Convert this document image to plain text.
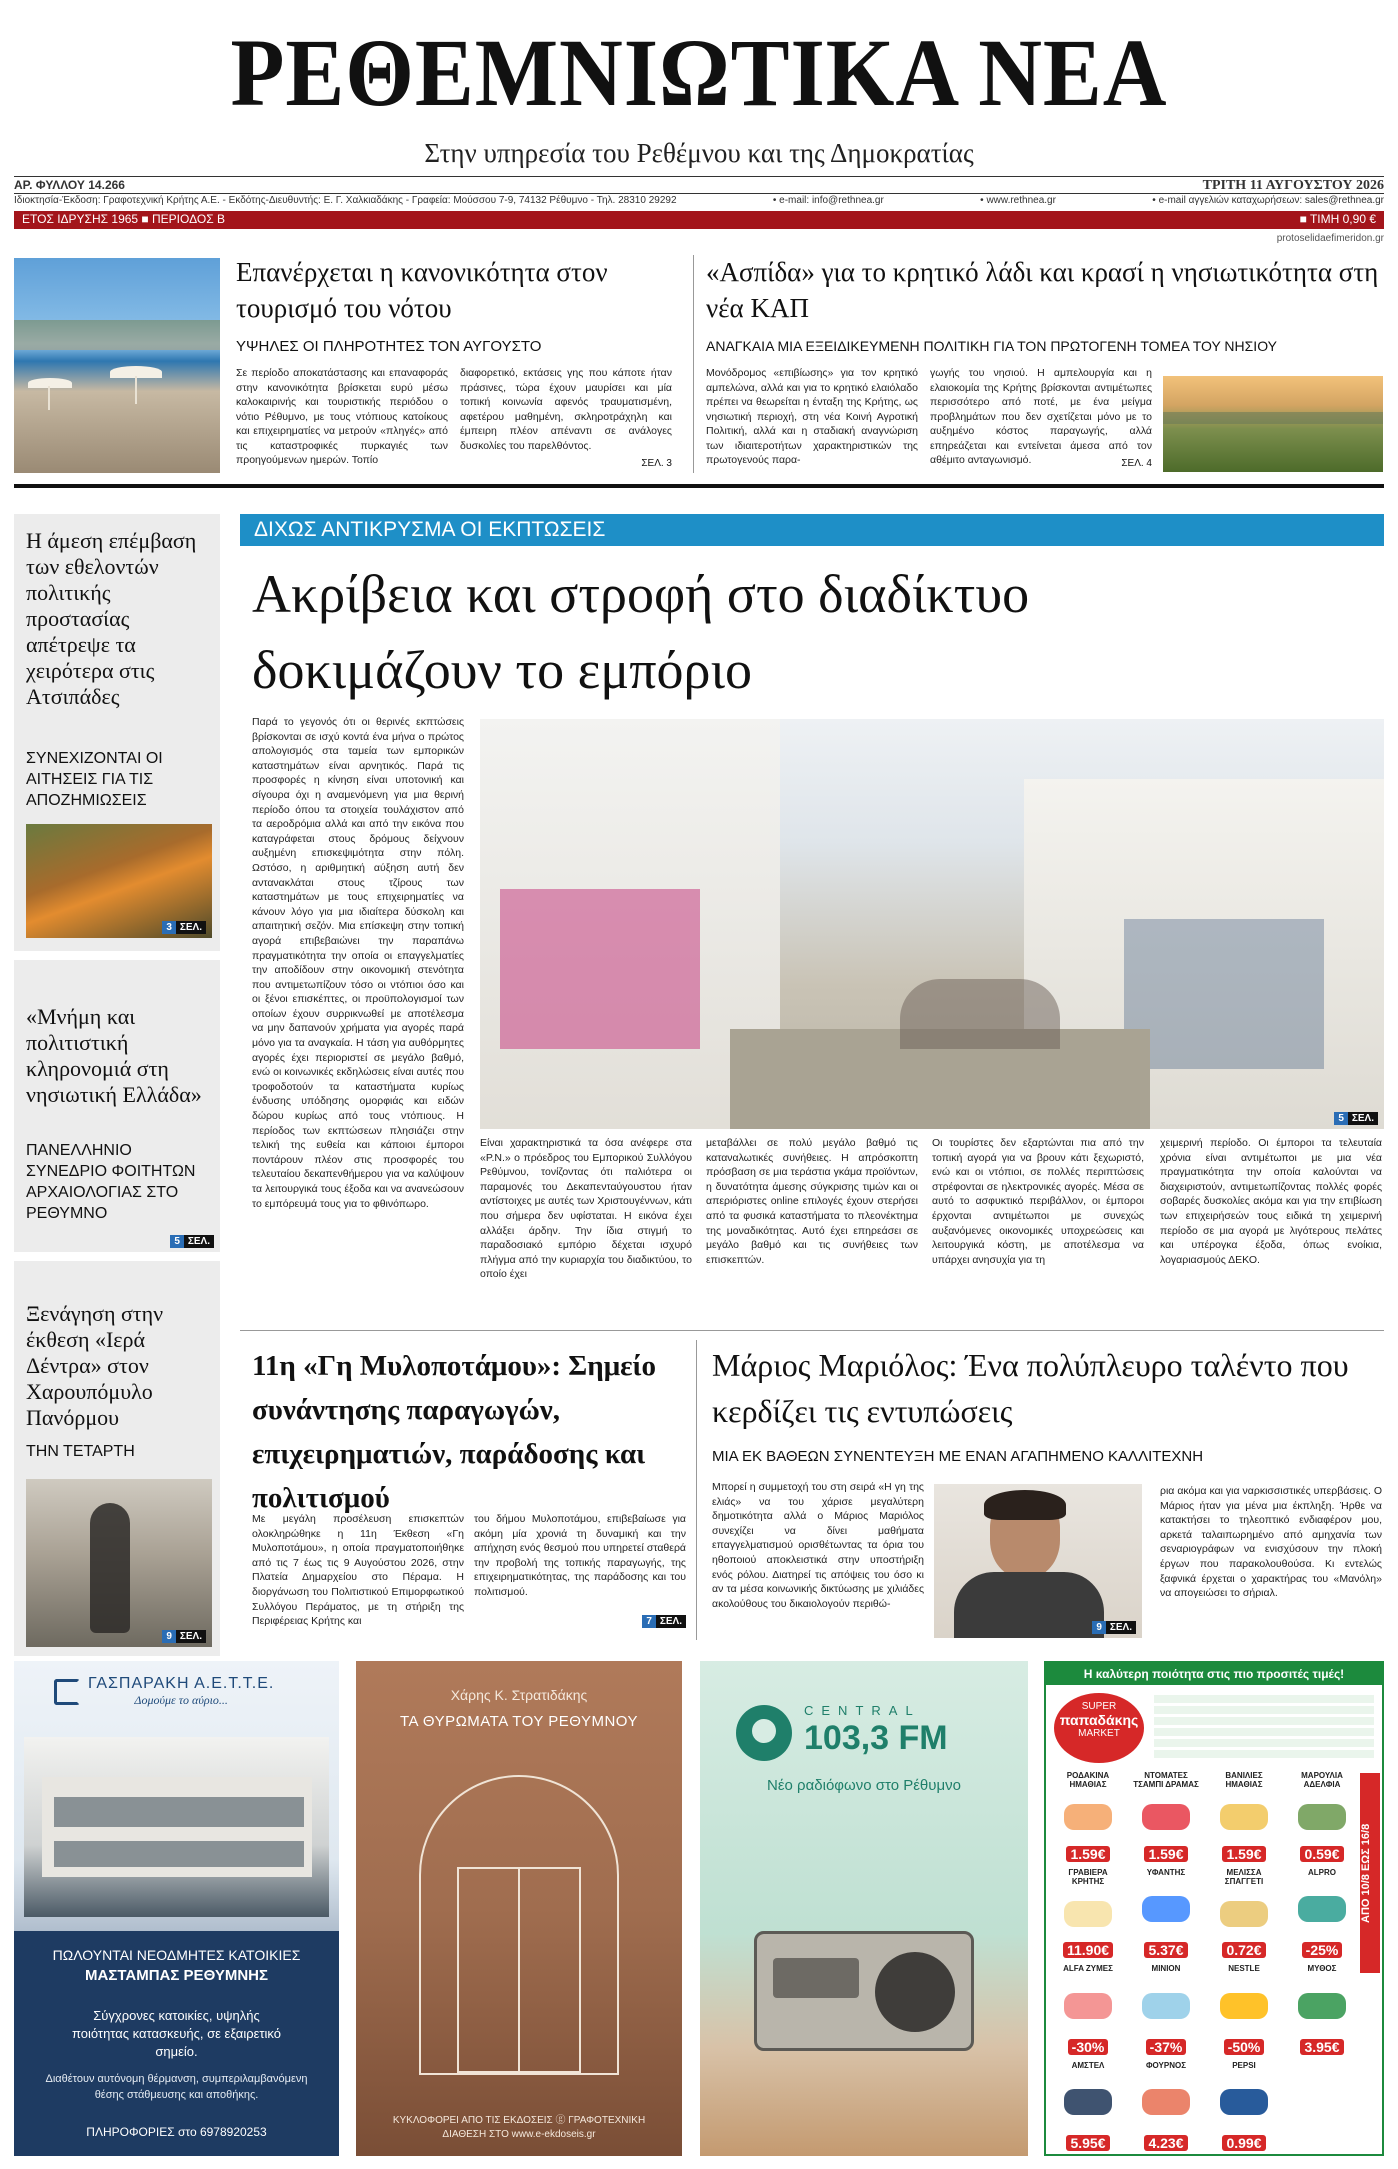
ΡΕΘΕΜΝΙΩΤΙΚΑ ΝΕΑ
Στην υπηρεσία του Ρεθέμνου και της Δημοκρατίας
ΑΡ. ΦΥΛΛΟΥ 14.266	ΤΡΙΤΗ 11 ΑΥΓΟΥΣΤΟΥ 2026
Ιδιοκτησία-Έκδοση: Γραφοτεχνική Κρήτης Α.Ε. - Εκδότης-Διευθυντής: Ε. Γ. Χαλκιαδάκης - Γραφεία: Μούσσου 7-9, 74132 Ρέθυμνο - Τηλ. 28310 29292	• e-mail: info@rethnea.gr	• www.rethnea.gr	• e-mail αγγελιών καταχωρήσεων: sales@rethnea.gr
ΕΤΟΣ ΙΔΡΥΣΗΣ 1965 ■ ΠΕΡΙΟΔΟΣ Β	■ ΤΙΜΗ 0,90 €
protoselidaefimeridon.gr
Επανέρχεται η κανονικότητα στον τουρισμό του νότου
ΥΨΗΛΕΣ ΟΙ ΠΛΗΡΟΤΗΤΕΣ ΤΟΝ ΑΥΓΟΥΣΤΟ
Σε περίοδο αποκατάστασης και επαναφοράς στην κανονικότητα βρίσκεται ευρύ μέσω καλοκαιρινής και τουριστικής περιόδου ο νότιο Ρέθυμνο, με τους ντόπιους κατοίκους και επιχειρηματίες να μετρούν «πληγές» από τις καταστροφικές πυρκαγιές των προηγούμενων ημερών. Τοπίο
διαφορετικό, εκτάσεις γης που κάποτε ήταν πράσινες, τώρα έχουν μαυρίσει και μία τοπική κοινωνία αφενός τραυματισμένη, αφετέρου μαθημένη, σκληροτράχηλη και έμπειρη πλέον απέναντι σε ανάλογες δυσκολίες του παρελθόντος.
ΣΕΛ. 3
«Ασπίδα» για το κρητικό λάδι και κρασί η νησιωτικότητα στη νέα ΚΑΠ
ΑΝΑΓΚΑΙΑ ΜΙΑ ΕΞΕΙΔΙΚΕΥΜΕΝΗ ΠΟΛΙΤΙΚΗ ΓΙΑ ΤΟΝ ΠΡΩΤΟΓΕΝΗ ΤΟΜΕΑ ΤΟΥ ΝΗΣΙΟΥ
Μονόδρομος «επιβίωσης» για τον κρητικό αμπελώνα, αλλά και για το κρητικό ελαιόλαδο πρέπει να θεωρείται η ένταξη της Κρήτης, ως νησιωτική περιοχή, στη νέα Κοινή Αγροτική Πολιτική, αλλά και η σταδιακή αναγνώριση των ιδιαιτεροτήτων χαρακτηριστικών της πρωτογενούς παρα-
γωγής του νησιού. Η αμπελουργία και η ελαιοκομία της Κρήτης βρίσκονται αντιμέτωπες περισσότερο από ποτέ, με ένα μείγμα προβλημάτων που δεν σχετίζεται μόνο με το αυξημένο κόστος παραγωγής, αλλά επηρεάζεται και εντείνεται άμεσα από τον αθέμιτο ανταγωνισμό.	ΣΕΛ. 4
Η άμεση επέμβαση των εθελοντών πολιτικής προστασίας απέτρεψε τα χειρότερα στις Ατσιπάδες
ΣΥΝΕΧΙΖΟΝΤΑΙ ΟΙ ΑΙΤΗΣΕΙΣ ΓΙΑ ΤΙΣ ΑΠΟΖΗΜΙΩΣΕΙΣ
3 ΣΕΛ.
«Μνήμη και πολιτιστική κληρονομιά στη νησιωτική Ελλάδα»
ΠΑΝΕΛΛΗΝΙΟ ΣΥΝΕΔΡΙΟ ΦΟΙΤΗΤΩΝ ΑΡΧΑΙΟΛΟΓΙΑΣ ΣΤΟ ΡΕΘΥΜΝΟ
5 ΣΕΛ.
Ξενάγηση στην έκθεση «Ιερά Δέντρα» στον Χαρουπόμυλο Πανόρμου
ΤΗΝ ΤΕΤΑΡΤΗ
9 ΣΕΛ.
ΔΙΧΩΣ ΑΝΤΙΚΡΥΣΜΑ ΟΙ ΕΚΠΤΩΣΕΙΣ
Ακρίβεια και στροφή στο διαδίκτυο
δοκιμάζουν το εμπόριο
Παρά το γεγονός ότι οι θερινές εκπτώσεις βρίσκονται σε ισχύ κοντά ένα μήνα ο πρώτος απολογισμός στα ταμεία των εμπορικών καταστημάτων είναι αρνητικός. Παρά τις προσφορές η κίνηση είναι υποτονική και σίγουρα όχι η αναμενόμενη για μια θερινή περίοδο όπου τα στοιχεία τουλάχιστον από τα αεροδρόμια αλλά και από την εικόνα που καταγράφεται στους δρόμους δείχνουν αυξημένη επισκεψιμότητα στην πόλη. Ωστόσο, η αριθμητική αύξηση αυτή δεν αντανακλάται στους τζίρους των καταστημάτων με τους επιχειρηματίες να κάνουν λόγο για μια ιδιαίτερα δύσκολη και απαιτητική σεζόν. Μια επίσκεψη στην τοπική αγορά επιβεβαιώνει την παραπάνω πραγματικότητα την οποία οι επαγγελματίες την αποδίδουν στην οικονομική στενότητα που αντιμετωπίζουν τόσο οι ντόπιοι όσο και οι ξένοι επισκέπτες, οι προϋπολογισμοί των οποίων έχουν συρρικνωθεί με αποτέλεσμα να μην δαπανούν χρήματα για αγορές παρά μόνο για τα αναγκαία. Η τάση για αυθόρμητες αγορές έχει περιοριστεί σε μεγάλο βαθμό, ενώ οι κοινωνικές εκδηλώσεις είναι αυτές που τροφοδοτούν τα καταστήματα κυρίως ένδυσης υπόδησης ομορφιάς και ειδών δώρου κυρίως από τους ντόπιους. Η περίοδος των εκπτώσεων πλησιάζει στην τελική της ευθεία και κάποιοι έμποροι ποντάρουν πλέον στις προσφορές του τελευταίου δεκαπενθήμερου για να καλύψουν τα λειτουργικά τους έξοδα και να ανανεώσουν το εμπόρευμά τους για το φθινόπωρο.
5 ΣΕΛ.
Είναι χαρακτηριστικά τα όσα ανέφερε στα «Ρ.Ν.» ο πρόεδρος του Εμπορικού Συλλόγου Ρεθύμνου, τονίζοντας ότι παλιότερα οι παραμονές του Δεκαπενταύγουστου ήταν αντίστοιχες με αυτές των Χριστουγέννων, κάτι που σήμερα δεν υφίσταται. Η εικόνα έχει αλλάξει άρδην. Την ίδια στιγμή το παραδοσιακό εμπόριο δέχεται ισχυρό πλήγμα από την κυριαρχία του διαδικτύου, το οποίο έχει
μεταβάλλει σε πολύ μεγάλο βαθμό τις καταναλωτικές συνήθειες. Η απρόσκοπτη πρόσβαση σε μια τεράστια γκάμα προϊόντων, η δυνατότητα άμεσης σύγκρισης τιμών και οι απεριόριστες online επιλογές έχουν στερήσει από τα φυσικά καταστήματα το πλεονέκτημα της μοναδικότητας. Αυτό έχει επηρεάσει σε μεγάλο βαθμό και τις συνήθειες των επισκεπτών.
Οι τουρίστες δεν εξαρτώνται πια από την τοπική αγορά για να βρουν κάτι ξεχωριστό, ενώ και οι ντόπιοι, σε πολλές περιπτώσεις στρέφονται σε ηλεκτρονικές αγορές. Μέσα σε αυτό το ασφυκτικό περιβάλλον, οι έμποροι έρχονται αντιμέτωποι με συνεχώς αυξανόμενες οικονομικές υποχρεώσεις και λειτουργικά κόστη, με αποτέλεσμα να υπάρχει ανησυχία για τη
χειμερινή περίοδο. Οι έμποροι τα τελευταία χρόνια είναι αντιμέτωποι με μια νέα πραγματικότητα την οποία καλούνται να διαχειριστούν, αντιμετωπίζοντας πολλές φορές σοβαρές δυσκολίες ακόμα και για την επιβίωση των επιχειρήσεών τους ειδικά τη χειμερινή περίοδο σε μια αγορά με λιγότερους πελάτες και υπέρογκα έξοδα, όπως ενοίκια, λογαριασμούς ΔΕΚΟ.
11η «Γη Μυλοποτάμου»: Σημείο συνάντησης παραγωγών, επιχειρηματιών, παράδοσης και πολιτισμού
Με μεγάλη προσέλευση επισκεπτών ολοκληρώθηκε η 11η Έκθεση «Γη Μυλοποτάμου», η οποία πραγματοποιήθηκε από τις 7 έως τις 9 Αυγούστου 2026, στην Πλατεία Δημαρχείου στο Πέραμα. Η διοργάνωση του Πολιτιστικού Επιμορφωτικού Συλλόγου Περάματος, με τη στήριξη της Περιφέρειας Κρήτης και
του δήμου Μυλοποτάμου, επιβεβαίωσε για ακόμη μία χρονιά τη δυναμική και την απήχηση ενός θεσμού που υπηρετεί σταθερά την προβολή της τοπικής παραγωγής, της επιχειρηματικότητας, της παράδοσης και του πολιτισμού.
7 ΣΕΛ.
Μάριος Μαριόλος: Ένα πολύπλευρο ταλέντο που κερδίζει τις εντυπώσεις
ΜΙΑ ΕΚ ΒΑΘΕΩΝ ΣΥΝΕΝΤΕΥΞΗ ΜΕ ΕΝΑΝ ΑΓΑΠΗΜΕΝΟ ΚΑΛΛΙΤΕΧΝΗ
Μπορεί η συμμετοχή του στη σειρά «Η γη της ελιάς» να του χάρισε μεγαλύτερη δημοτικότητα αλλά ο Μάριος Μαριόλος συνεχίζει να δίνει μαθήματα επαγγελματισμού ορισθέτωντας τα όρια του ηθοποιού αποκλειστικά στην υποστήριξη ενός ρόλου. Διατηρεί τις απόψεις του όσο κι αν τα μέσα κοινωνικής δικτύωσης με χιλιάδες ακολούθους του δικαιολογούν περιθώ-
9 ΣΕΛ.
ρια ακόμα και για ναρκισσιστικές υπερβάσεις. Ο Μάριος ήταν για μένα μια έκπληξη. Ήρθε να κατακτήσει το τηλεοπτικό ενδιαφέρον μου, αρκετά ταλαιπωρημένο από αμηχανία των σεναριογράφων να ενισχύσουν την πλοκή έργων που παρακολουθούσα. Κι εντελώς ξαφνικά έρχεται ο χαρακτήρας του «Μανόλη» να απογειώσει το σήριαλ.
ΓΑΣΠΑΡΑΚΗ Α.Ε.Τ.Τ.Ε.
Δομούμε το αύριο...
ΠΩΛΟΥΝΤΑΙ ΝΕΟΔΜΗΤΕΣ ΚΑΤΟΙΚΙΕΣ
ΜΑΣΤΑΜΠΑΣ ΡΕΘΥΜΝΗΣ
Σύγχρονες κατοικίες, υψηλής ποιότητας κατασκευής, σε εξαιρετικό σημείο.
Διαθέτουν αυτόνομη θέρμανση, συμπεριλαμβανόμενη θέσης στάθμευσης και αποθήκης.
ΠΛΗΡΟΦΟΡΙΕΣ στο 6978920253
Χάρης Κ. Στρατιδάκης
ΤΑ ΘΥΡΩΜΑΤΑ ΤΟΥ ΡΕΘΥΜΝΟΥ
ΚΥΚΛΟΦΟΡΕΙ ΑΠΟ ΤΙΣ ΕΚΔΟΣΕΙΣ ⓖ ΓΡΑΦΟΤΕΧΝΙΚΗ
ΔΙΑΘΕΣΗ ΣΤΟ www.e-ekdoseis.gr
CENTRAL
103,3 FM
Νέο ραδιόφωνο στο Ρέθυμνο
Η καλύτερη ποιότητα στις πιο προσιτές τιμές!
SUPER
παπαδάκης
MARKET
ΑΠΟ 10/8 ΕΩΣ 16/8
ΡΟΔΑΚΙΝΑ ΗΜΑΘΙΑΣ
1.59€
ΝΤΟΜΑΤΕΣ ΤΣΑΜΠΙ ΔΡΑΜΑΣ
1.59€
ΒΑΝΙΛΙΕΣ ΗΜΑΘΙΑΣ
1.59€
ΜΑΡΟΥΛΙΑ ΑΔΕΛΦΙΑ
0.59€
ΓΡΑΒΙΕΡΑ ΚΡΗΤΗΣ
11.90€
ΥΦΑΝΤΗΣ
5.37€
ΜΕΛΙΣΣΑ ΣΠΑΓΓΕΤΙ
0.72€
ALPRO
-25%
ALFA ΖΥΜΕΣ
-30%
ΜΙΝΙΟΝ
-37%
NESTLE
-50%
ΜΥΘΟΣ
3.95€
ΑΜΣΤΕΛ
5.95€
ΦΟΥΡΝΟΣ
4.23€
PEPSI
0.99€
